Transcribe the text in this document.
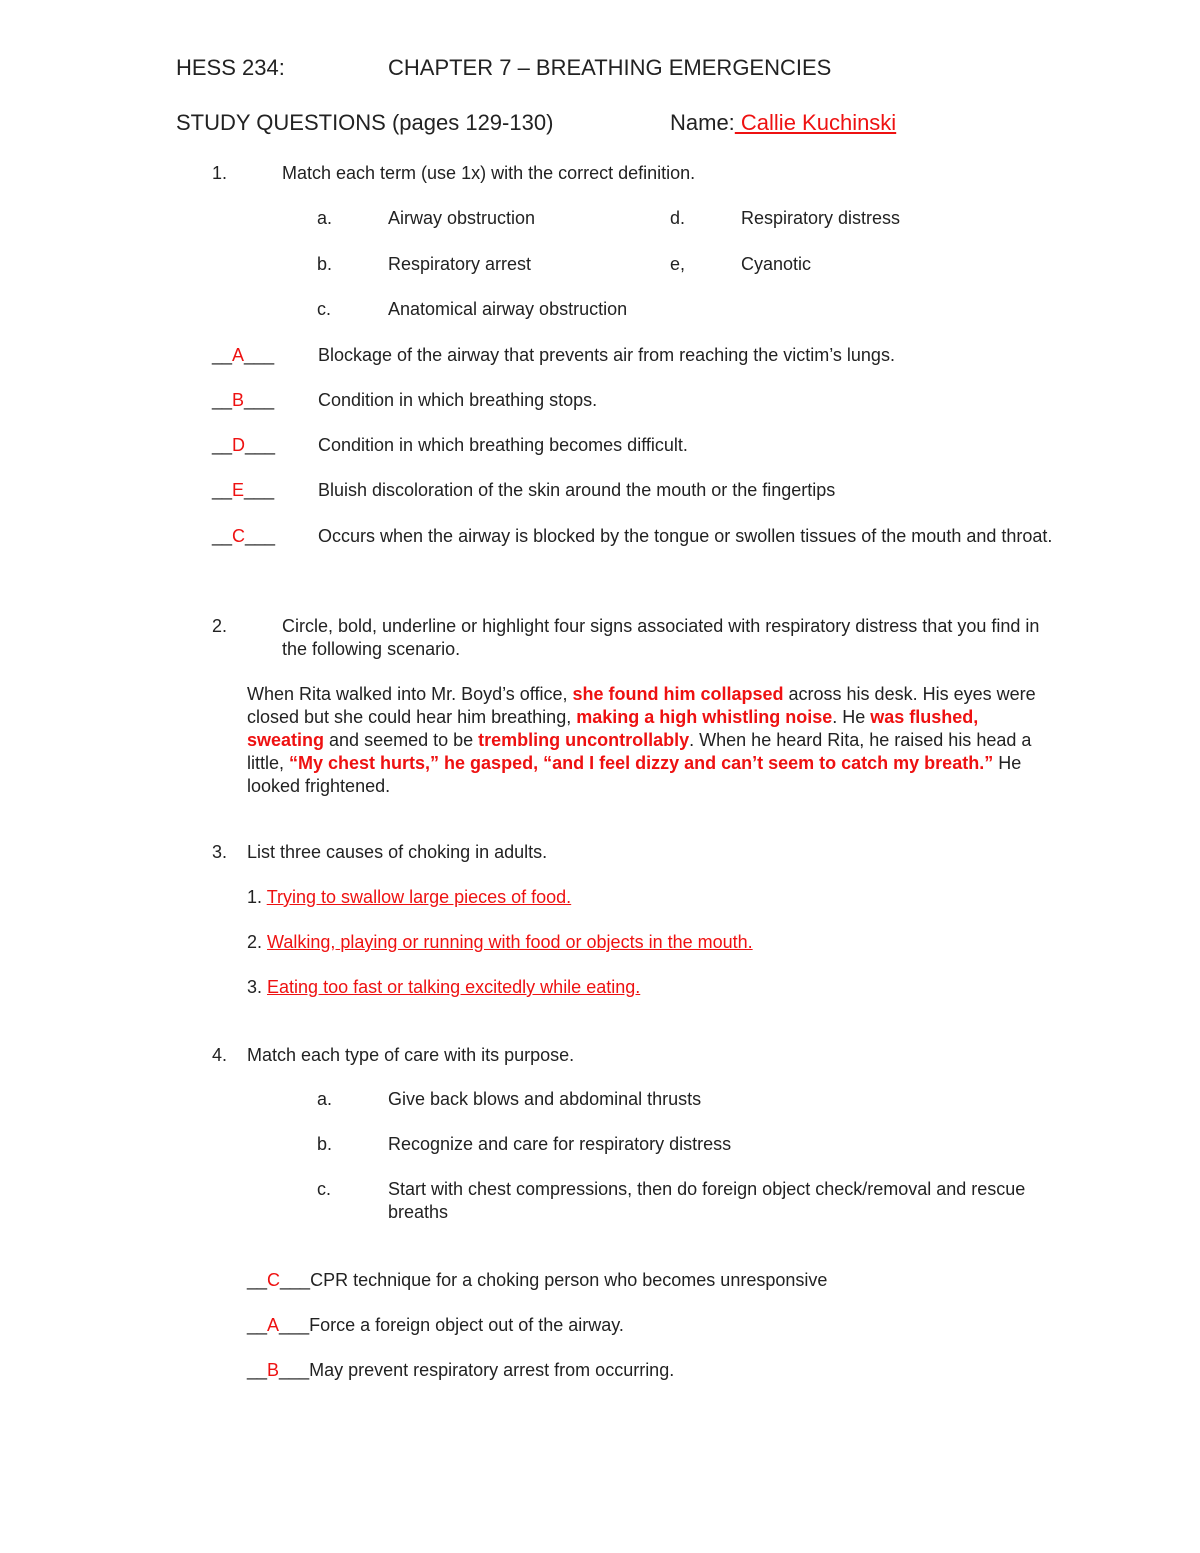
HESS 234:	CHAPTER 7 – BREATHING EMERGENCIES
STUDY QUESTIONS (pages 129-130)	Name: Callie Kuchinski
1.	Match each term (use 1x) with the correct definition.
a.	Airway obstruction	d.	Respiratory distress
b.	Respiratory arrest	e,	Cyanotic
c.	Anatomical airway obstruction
__A___ Blockage of the airway that prevents air from reaching the victim’s lungs.
__B___ Condition in which breathing stops.
__D___ Condition in which breathing becomes difficult.
__E___ Bluish discoloration of the skin around the mouth or the fingertips
__C___ Occurs when the airway is blocked by the tongue or swollen tissues of the mouth and throat.
2.	Circle, bold, underline or highlight four signs associated with respiratory distress that you find in the following scenario.
When Rita walked into Mr. Boyd’s office, she found him collapsed across his desk. His eyes were closed but she could hear him breathing, making a high whistling noise. He was flushed, sweating and seemed to be trembling uncontrollably. When he heard Rita, he raised his head a little, “My chest hurts,” he gasped, “and I feel dizzy and can’t seem to catch my breath.” He looked frightened.
3. List three causes of choking in adults.
1. Trying to swallow large pieces of food.
2. Walking, playing or running with food or objects in the mouth.
3. Eating too fast or talking excitedly while eating.
4. Match each type of care with its purpose.
a.	Give back blows and abdominal thrusts
b.	Recognize and care for respiratory distress
c.	Start with chest compressions, then do foreign object check/removal and rescue breaths
__C___CPR technique for a choking person who becomes unresponsive
__A___Force a foreign object out of the airway.
__B___May prevent respiratory arrest from occurring.
